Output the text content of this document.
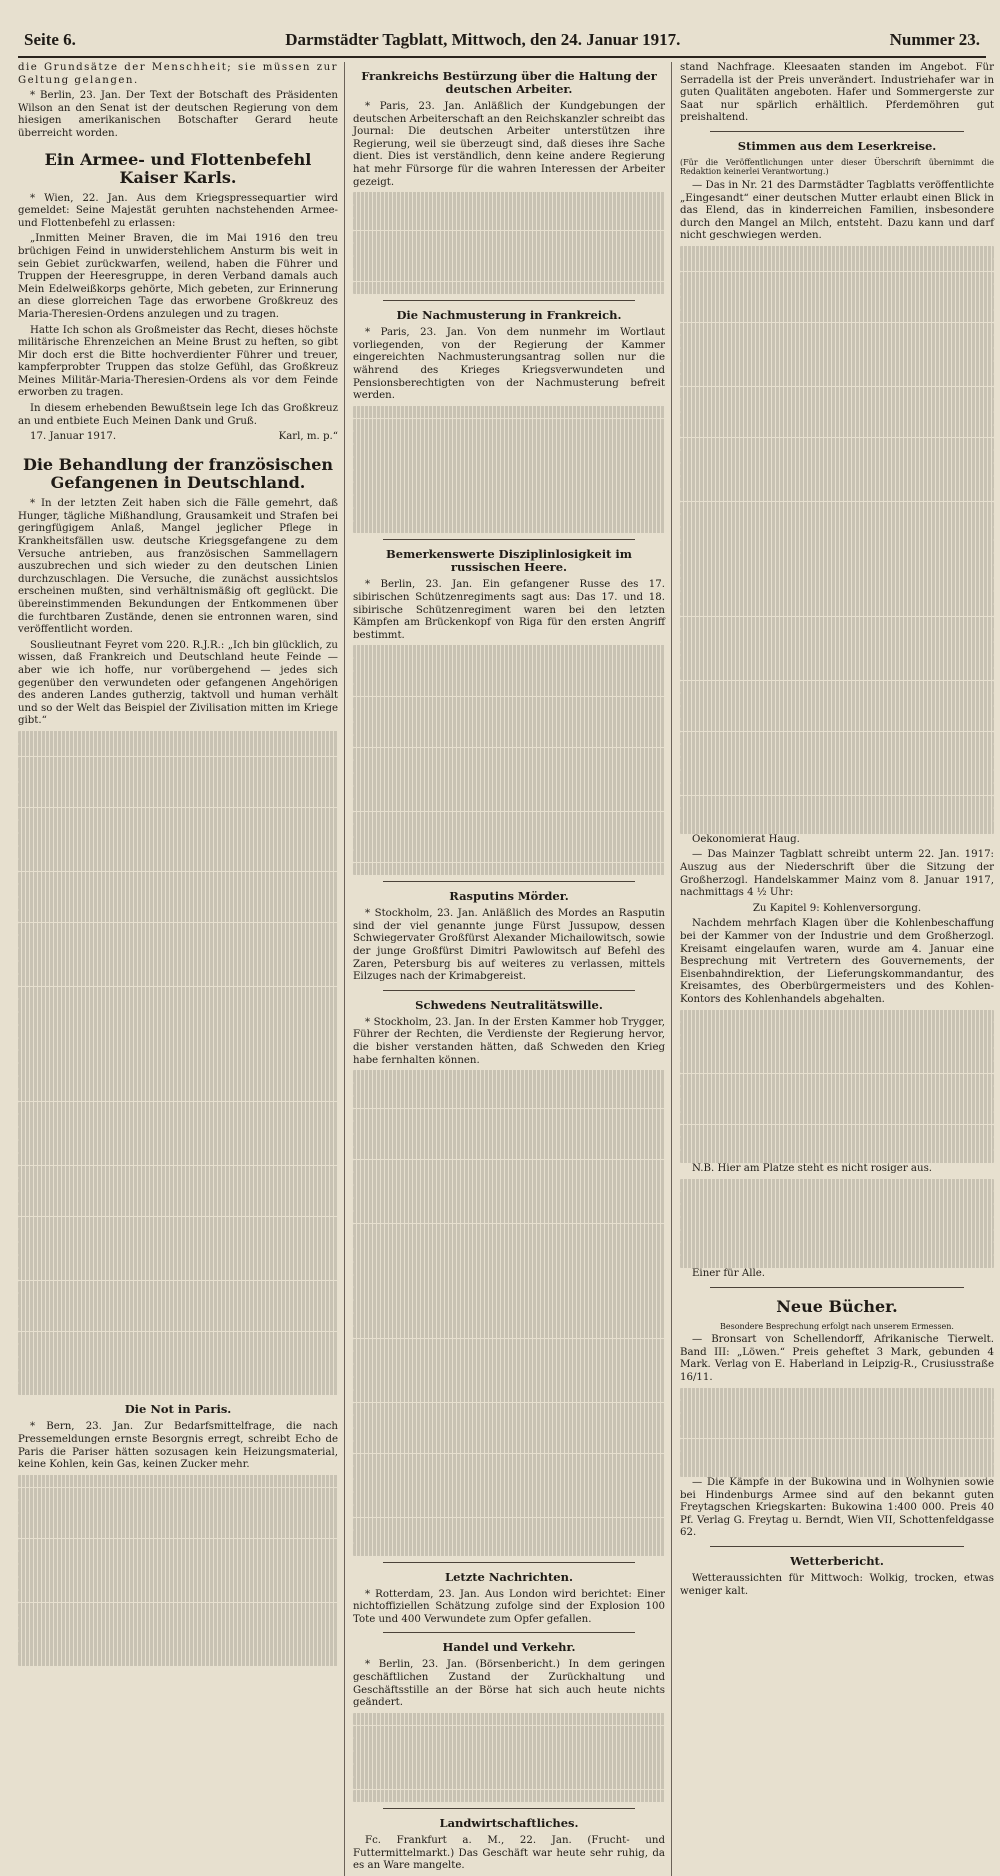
Seite 6.	Darmstädter Tagblatt, Mittwoch, den 24. Januar 1917.	Nummer 23.

die Grundsätze der Menschheit; sie müssen zur Geltung gelangen.

* Berlin, 23. Jan. Der Text der Botschaft des Präsidenten Wilson an den Senat ist der deutschen Regierung von dem hiesigen amerikanischen Botschafter Gerard heute überreicht worden.

Ein Armee- und Flottenbefehl Kaiser Karls.

* Wien, 22. Jan. Aus dem Kriegspressequartier wird gemeldet: Seine Majestät geruhten nachstehenden Armee- und Flottenbefehl zu erlassen:

„Inmitten Meiner Braven, die im Mai 1916 den treu brüchigen Feind in unwiderstehlichem Ansturm bis weit in sein Gebiet zurückwarfen, weilend, haben die Führer und Truppen der Heeresgruppe, in deren Verband damals auch Mein Edelweißkorps gehörte, Mich gebeten, zur Erinnerung an diese glorreichen Tage das erworbene Großkreuz des Maria-Theresien-Ordens anzulegen und zu tragen.

Hatte Ich schon als Großmeister das Recht, dieses höchste militärische Ehrenzeichen an Meine Brust zu heften, so gibt Mir doch erst die Bitte hochverdienter Führer und treuer, kampferprobter Truppen das stolze Gefühl, das Großkreuz Meines Militär-Maria-Theresien-Ordens als vor dem Feinde erworben zu tragen.

In diesem erhebenden Bewußtsein lege Ich das Großkreuz an und entbiete Euch Meinen Dank und Gruß.

17. Januar 1917.	Karl, m. p.“
Die Behandlung der französischen Gefangenen in Deutschland.

* In der letzten Zeit haben sich die Fälle gemehrt, daß Hunger, tägliche Mißhandlung, Grausamkeit und Strafen bei geringfügigem Anlaß, Mangel jeglicher Pflege in Krankheitsfällen usw. deutsche Kriegsgefangene zu dem Versuche antrieben, aus französischen Sammellagern auszubrechen und sich wieder zu den deutschen Linien durchzuschlagen. Die Versuche, die zunächst aussichtslos erscheinen mußten, sind verhältnismäßig oft geglückt. Die übereinstimmenden Bekundungen der Entkommenen über die furchtbaren Zustände, denen sie entronnen waren, sind veröffentlicht worden.

Souslieutnant Feyret vom 220. R.J.R.: „Ich bin glücklich, zu wissen, daß Frankreich und Deutschland heute Feinde — aber wie ich hoffe, nur vorübergehend — jedes sich gegenüber den verwundeten oder gefangenen Angehörigen des anderen Landes gutherzig, taktvoll und human verhält und so der Welt das Beispiel der Zivilisation mitten im Kriege gibt.“

Die Not in Paris.

* Bern, 23. Jan. Zur Bedarfsmittelfrage, die nach Pressemeldungen ernste Besorgnis erregt, schreibt Echo de Paris die Pariser hätten sozusagen kein Heizungsmaterial, keine Kohlen, kein Gas, keinen Zucker mehr.

Frankreichs Bestürzung über die Haltung der deutschen Arbeiter.

* Paris, 23. Jan. Anläßlich der Kundgebungen der deutschen Arbeiterschaft an den Reichskanzler schreibt das Journal: Die deutschen Arbeiter unterstützen ihre Regierung, weil sie überzeugt sind, daß dieses ihre Sache dient. Dies ist verständlich, denn keine andere Regierung hat mehr Fürsorge für die wahren Interessen der Arbeiter gezeigt.

Die Nachmusterung in Frankreich.

* Paris, 23. Jan. Von dem nunmehr im Wortlaut vorliegenden, von der Regierung der Kammer eingereichten Nachmusterungsantrag sollen nur die während des Krieges Kriegsverwundeten und Pensionsberechtigten von der Nachmusterung befreit werden.

Bemerkenswerte Disziplinlosigkeit im russischen Heere.

* Berlin, 23. Jan. Ein gefangener Russe des 17. sibirischen Schützenregiments sagt aus: Das 17. und 18. sibirische Schützenregiment waren bei den letzten Kämpfen am Brückenkopf von Riga für den ersten Angriff bestimmt.

Rasputins Mörder.

* Stockholm, 23. Jan. Anläßlich des Mordes an Rasputin sind der viel genannte junge Fürst Jussupow, dessen Schwiegervater Großfürst Alexander Michailowitsch, sowie der junge Großfürst Dimitri Pawlowitsch auf Befehl des Zaren, Petersburg bis auf weiteres zu verlassen, mittels Eilzuges nach der Krimabgereist.

Schwedens Neutralitätswille.

* Stockholm, 23. Jan. In der Ersten Kammer hob Trygger, Führer der Rechten, die Verdienste der Regierung hervor, die bisher verstanden hätten, daß Schweden den Krieg habe fernhalten können.

Letzte Nachrichten.

* Rotterdam, 23. Jan. Aus London wird berichtet: Einer nichtoffiziellen Schätzung zufolge sind der Explosion 100 Tote und 400 Verwundete zum Opfer gefallen.

Handel und Verkehr.

* Berlin, 23. Jan. (Börsenbericht.) In dem geringen geschäftlichen Zustand der Zurückhaltung und Geschäftsstille an der Börse hat sich auch heute nichts geändert.

Landwirtschaftliches.

Fc. Frankfurt a. M., 22. Jan. (Frucht- und Futtermittelmarkt.) Das Geschäft war heute sehr ruhig, da es an Ware mangelte.

stand Nachfrage. Kleesaaten standen im Angebot. Für Serradella ist der Preis unverändert. Industriehafer war in guten Qualitäten angeboten. Hafer und Sommergerste zur Saat nur spärlich erhältlich. Pferdemöhren gut preishaltend.

Stimmen aus dem Leserkreise.

(Für die Veröffentlichungen unter dieser Überschrift übernimmt die Redaktion keinerlei Verantwortung.)

— Das in Nr. 21 des Darmstädter Tagblatts veröffentlichte „Eingesandt“ einer deutschen Mutter erlaubt einen Blick in das Elend, das in kinderreichen Familien, insbesondere durch den Mangel an Milch, entsteht. Dazu kann und darf nicht geschwiegen werden.

Oekonomierat Haug.

— Das Mainzer Tagblatt schreibt unterm 22. Jan. 1917: Auszug aus der Niederschrift über die Sitzung der Großherzogl. Handelskammer Mainz vom 8. Januar 1917, nachmittags 4 ½ Uhr:

Zu Kapitel 9: Kohlenversorgung.

Nachdem mehrfach Klagen über die Kohlenbeschaffung bei der Kammer von der Industrie und dem Großherzogl. Kreisamt eingelaufen waren, wurde am 4. Januar eine Besprechung mit Vertretern des Gouvernements, der Eisenbahndirektion, der Lieferungskommandantur, des Kreisamtes, des Oberbürgermeisters und des Kohlen-Kontors des Kohlenhandels abgehalten.

N.B. Hier am Platze steht es nicht rosiger aus.

Einer für Alle.

Neue Bücher.

Besondere Besprechung erfolgt nach unserem Ermessen.

— Bronsart von Schellendorff, Afrikanische Tierwelt. Band III: „Löwen.“ Preis geheftet 3 Mark, gebunden 4 Mark. Verlag von E. Haberland in Leipzig-R., Crusiusstraße 16/11.

— Die Kämpfe in der Bukowina und in Wolhynien sowie bei Hindenburgs Armee sind auf den bekannt guten Freytagschen Kriegskarten: Bukowina 1:400 000. Preis 40 Pf. Verlag G. Freytag u. Berndt, Wien VII, Schottenfeldgasse 62.

Wetterbericht.

Wetteraussichten für Mittwoch: Wolkig, trocken, etwas weniger kalt.
